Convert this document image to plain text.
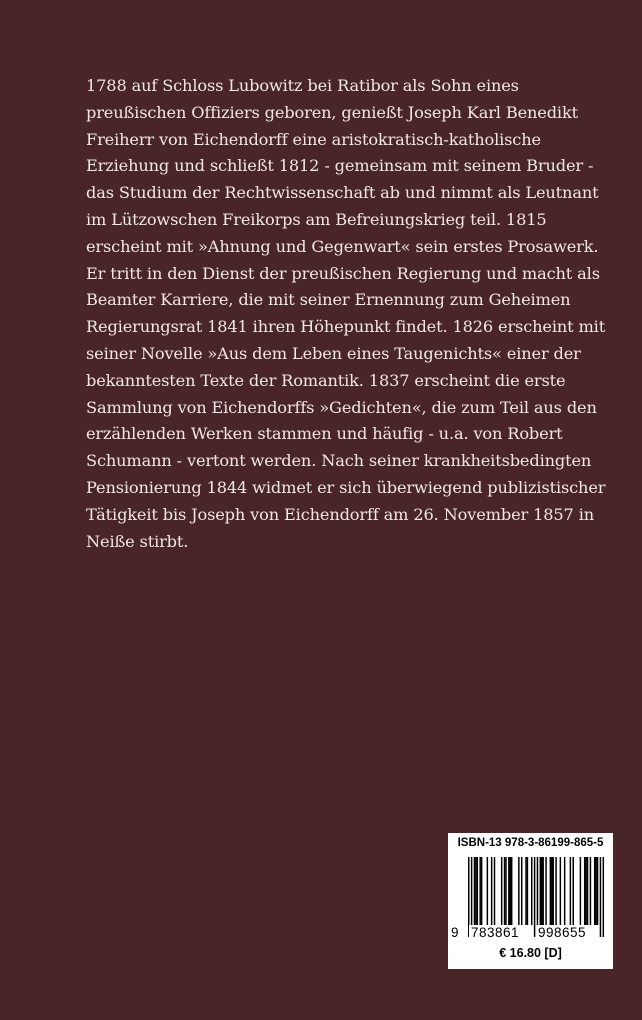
1788 auf Schloss Lubowitz bei Ratibor als Sohn eines
preußischen Offiziers geboren, genießt Joseph Karl Benedikt
Freiherr von Eichendorff eine aristokratisch-katholische
Erziehung und schließt 1812 - gemeinsam mit seinem Bruder -
das Studium der Rechtwissenschaft ab und nimmt als Leutnant
im Lützowschen Freikorps am Befreiungskrieg teil. 1815
erscheint mit »Ahnung und Gegenwart« sein erstes Prosawerk.
Er tritt in den Dienst der preußischen Regierung und macht als
Beamter Karriere, die mit seiner Ernennung zum Geheimen
Regierungsrat 1841 ihren Höhepunkt findet. 1826 erscheint mit
seiner Novelle »Aus dem Leben eines Taugenichts« einer der
bekanntesten Texte der Romantik. 1837 erscheint die erste
Sammlung von Eichendorffs »Gedichten«, die zum Teil aus den
erzählenden Werken stammen und häufig - u.a. von Robert
Schumann - vertont werden. Nach seiner krankheitsbedingten
Pensionierung 1844 widmet er sich überwiegend publizistischer
Tätigkeit bis Joseph von Eichendorff am 26. November 1857 in
Neiße stirbt.

ISBN-13 978-3-86199-865-5
9 783861 998655
€ 16.80 [D]
